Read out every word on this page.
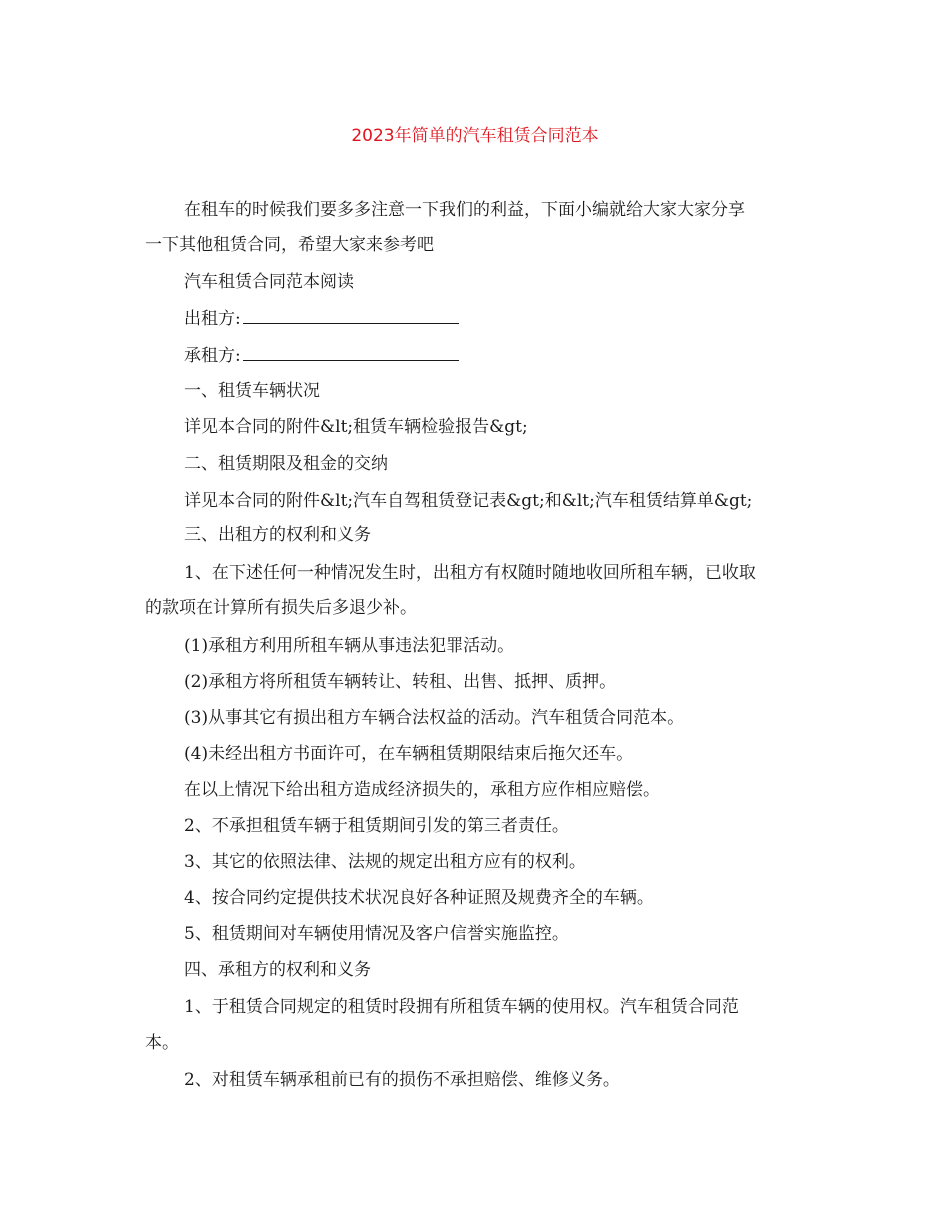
2023年简单的汽车租赁合同范本

在租车的时候我们要多多注意一下我们的利益，下面小编就给大家大家分享

一下其他租赁合同，希望大家来参考吧

汽车租赁合同范本阅读

出租方:

承租方:

一、租赁车辆状况

详见本合同的附件&lt;租赁车辆检验报告&gt;

二、租赁期限及租金的交纳

详见本合同的附件&lt;汽车自驾租赁登记表&gt;和&lt;汽车租赁结算单&gt;

三、出租方的权利和义务

1、在下述任何一种情况发生时，出租方有权随时随地收回所租车辆，已收取

的款项在计算所有损失后多退少补。

(1)承租方利用所租车辆从事违法犯罪活动。

(2)承租方将所租赁车辆转让、转租、出售、抵押、质押。

(3)从事其它有损出租方车辆合法权益的活动。汽车租赁合同范本。

(4)未经出租方书面许可，在车辆租赁期限结束后拖欠还车。

在以上情况下给出租方造成经济损失的，承租方应作相应赔偿。

2、不承担租赁车辆于租赁期间引发的第三者责任。

3、其它的依照法律、法规的规定出租方应有的权利。

4、按合同约定提供技术状况良好各种证照及规费齐全的车辆。

5、租赁期间对车辆使用情况及客户信誉实施监控。

四、承租方的权利和义务

1、于租赁合同规定的租赁时段拥有所租赁车辆的使用权。汽车租赁合同范

本。

2、对租赁车辆承租前已有的损伤不承担赔偿、维修义务。
